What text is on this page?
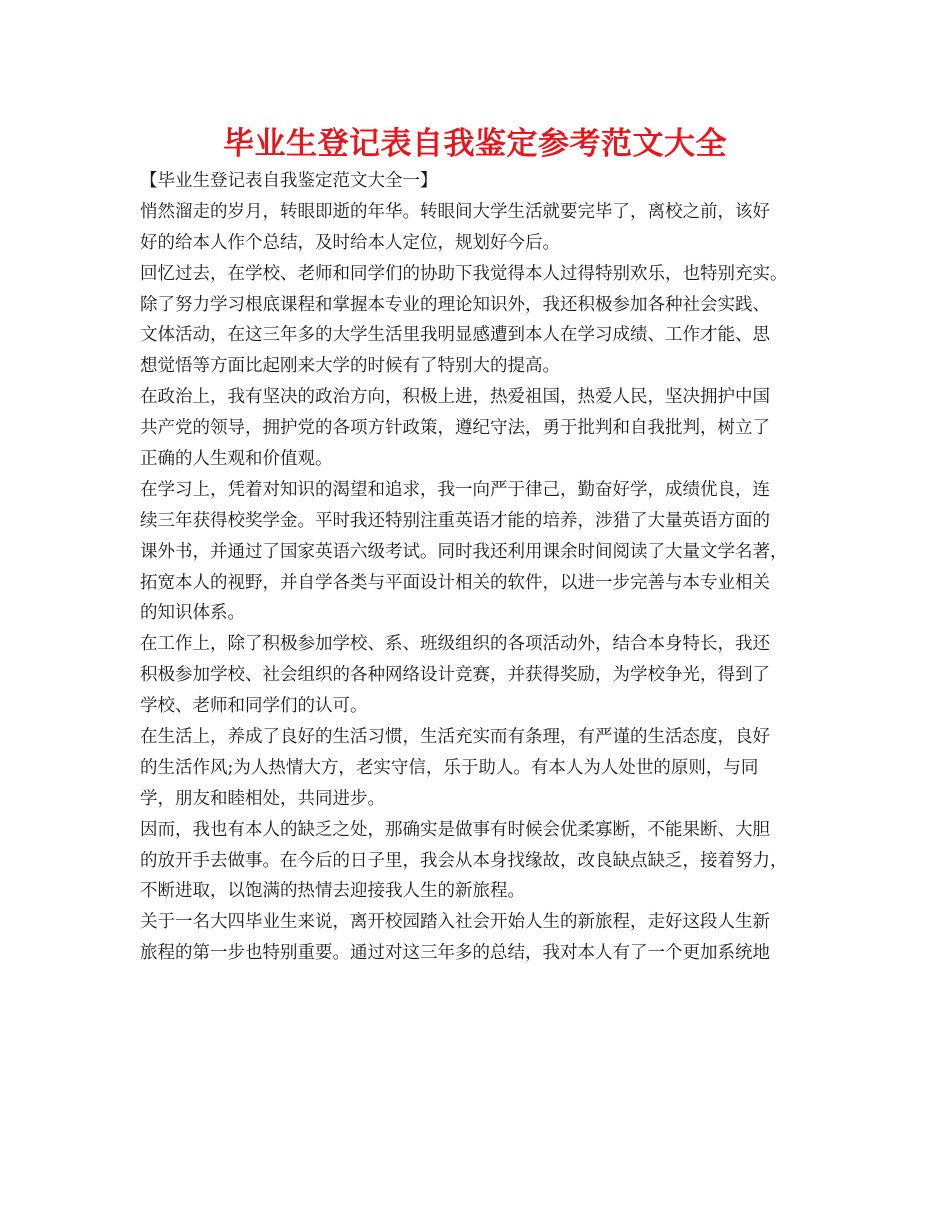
毕业生登记表自我鉴定参考范文大全
【毕业生登记表自我鉴定范文大全一】
悄然溜走的岁月，转眼即逝的年华。转眼间大学生活就要完毕了，离校之前，该好
好的给本人作个总结，及时给本人定位，规划好今后。
回忆过去，在学校、老师和同学们的协助下我觉得本人过得特别欢乐，也特别充实。
除了努力学习根底课程和掌握本专业的理论知识外，我还积极参加各种社会实践、
文体活动，在这三年多的大学生活里我明显感遭到本人在学习成绩、工作才能、思
想觉悟等方面比起刚来大学的时候有了特别大的提高。
在政治上，我有坚决的政治方向，积极上进，热爱祖国，热爱人民，坚决拥护中国
共产党的领导，拥护党的各项方针政策，遵纪守法，勇于批判和自我批判，树立了
正确的人生观和价值观。
在学习上，凭着对知识的渴望和追求，我一向严于律己，勤奋好学，成绩优良，连
续三年获得校奖学金。平时我还特别注重英语才能的培养，涉猎了大量英语方面的
课外书，并通过了国家英语六级考试。同时我还利用课余时间阅读了大量文学名著，
拓宽本人的视野，并自学各类与平面设计相关的软件，以进一步完善与本专业相关
的知识体系。
在工作上，除了积极参加学校、系、班级组织的各项活动外，结合本身特长，我还
积极参加学校、社会组织的各种网络设计竞赛，并获得奖励，为学校争光，得到了
学校、老师和同学们的认可。
在生活上，养成了良好的生活习惯，生活充实而有条理，有严谨的生活态度，良好
的生活作风;为人热情大方，老实守信，乐于助人。有本人为人处世的原则，与同
学，朋友和睦相处，共同进步。
因而，我也有本人的缺乏之处，那确实是做事有时候会优柔寡断，不能果断、大胆
的放开手去做事。在今后的日子里，我会从本身找缘故，改良缺点缺乏，接着努力，
不断进取，以饱满的热情去迎接我人生的新旅程。
关于一名大四毕业生来说，离开校园踏入社会开始人生的新旅程，走好这段人生新
旅程的第一步也特别重要。通过对这三年多的总结，我对本人有了一个更加系统地
